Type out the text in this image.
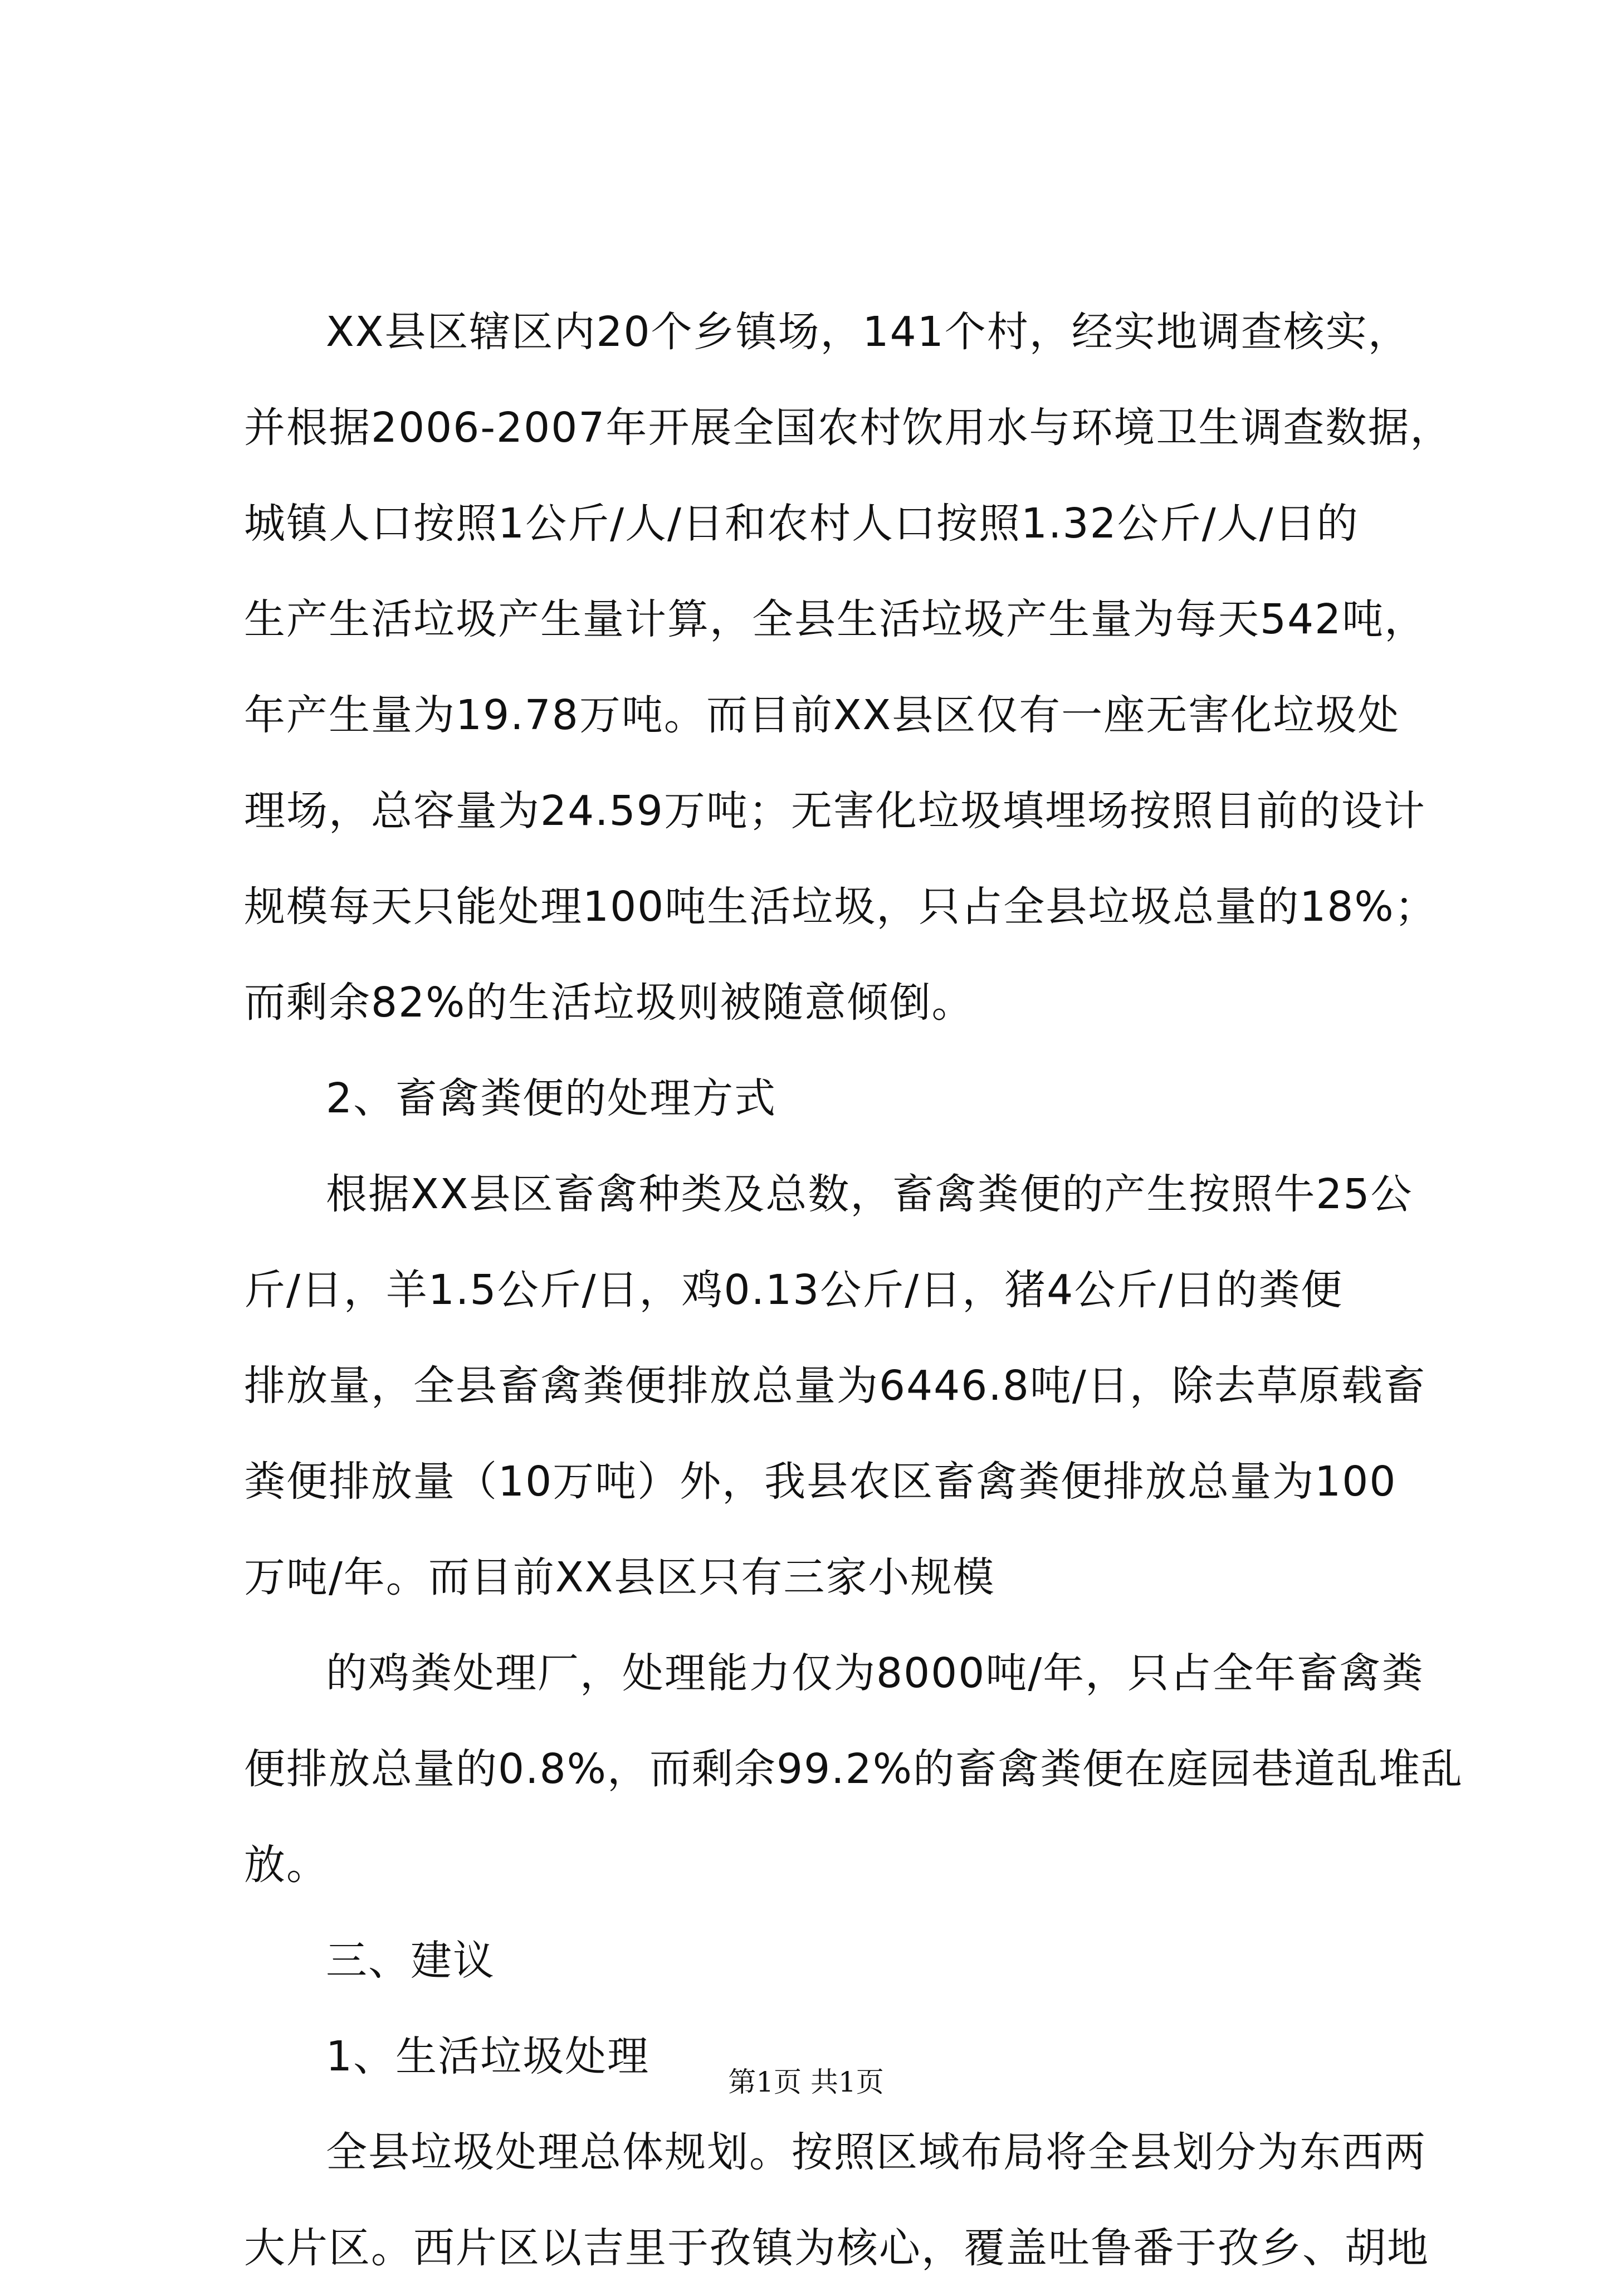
XX县区辖区内20个乡镇场，141个村，经实地调查核实，
并根据2006-2007年开展全国农村饮用水与环境卫生调查数据，
城镇人口按照1公斤/人/日和农村人口按照1.32公斤/人/日的
生产生活垃圾产生量计算，全县生活垃圾产生量为每天542吨，
年产生量为19.78万吨。而目前XX县区仅有一座无害化垃圾处
理场，总容量为24.59万吨；无害化垃圾填埋场按照目前的设计
规模每天只能处理100吨生活垃圾，只占全县垃圾总量的18%；
而剩余82%的生活垃圾则被随意倾倒。
2、畜禽粪便的处理方式
根据XX县区畜禽种类及总数，畜禽粪便的产生按照牛25公
斤/日，羊1.5公斤/日，鸡0.13公斤/日，猪4公斤/日的粪便
排放量，全县畜禽粪便排放总量为6446.8吨/日，除去草原载畜
粪便排放量（10万吨）外，我县农区畜禽粪便排放总量为100
万吨/年。而目前XX县区只有三家小规模
的鸡粪处理厂，处理能力仅为8000吨/年，只占全年畜禽粪
便排放总量的0.8%，而剩余99.2%的畜禽粪便在庭园巷道乱堆乱
放。
三、建议
1、生活垃圾处理
全县垃圾处理总体规划。按照区域布局将全县划分为东西两
大片区。西片区以吉里于孜镇为核心，覆盖吐鲁番于孜乡、胡地
第1页 共1页
